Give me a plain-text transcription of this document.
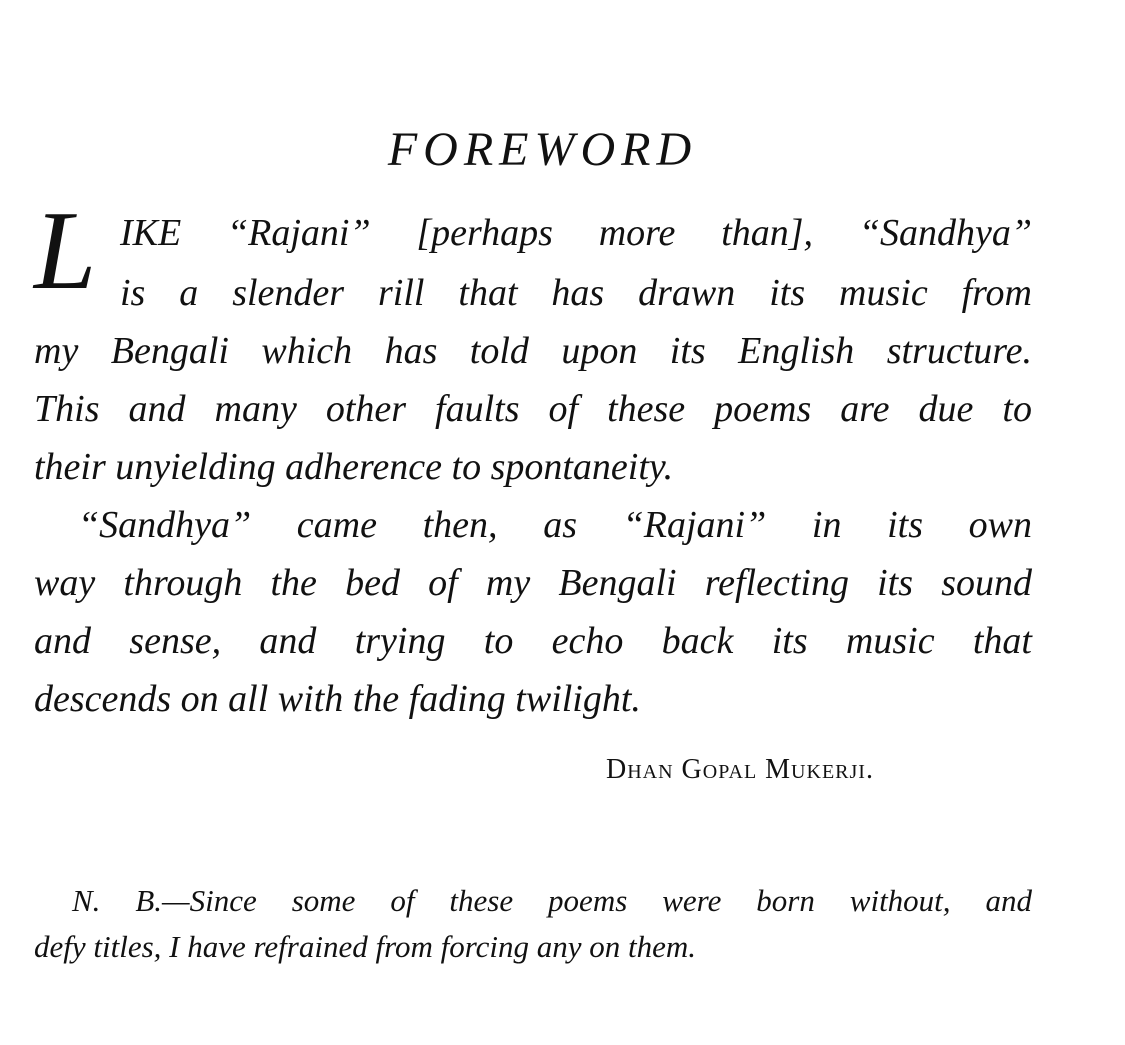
FOREWORD
L IKE “Rajani” [perhaps more than], “Sandhya”
is a slender rill that has drawn its music from
my Bengali which has told upon its English structure.
This and many other faults of these poems are due to
their unyielding adherence to spontaneity.
“Sandhya” came then, as “Rajani” in its own
way through the bed of my Bengali reflecting its sound
and sense, and trying to echo back its music that
descends on all with the fading twilight.
Dhan Gopal Mukerji.
N. B.—Since some of these poems were born without, and
defy titles, I have refrained from forcing any on them.
